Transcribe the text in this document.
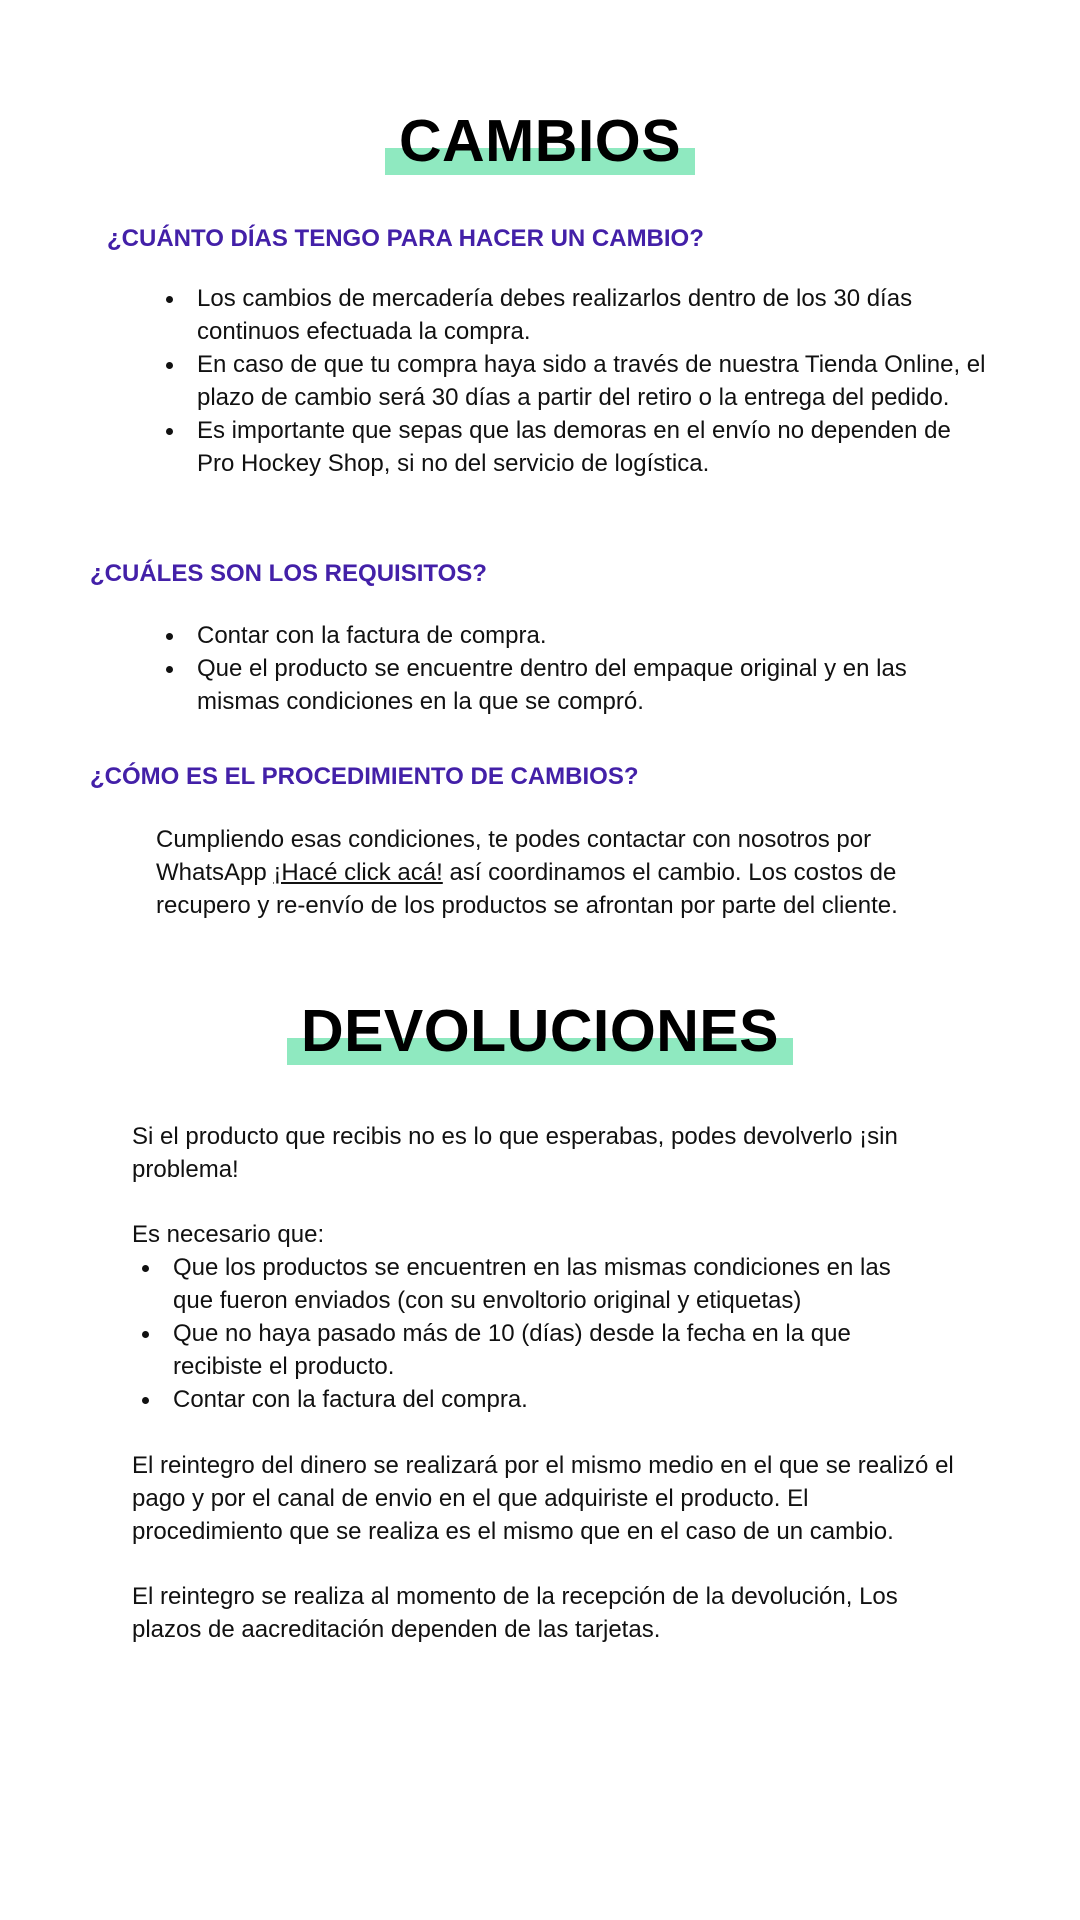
CAMBIOS
¿CUÁNTO DÍAS TENGO PARA HACER UN CAMBIO?
Los cambios de mercadería debes realizarlos dentro de los 30 días continuos efectuada la compra.
En caso de que tu compra haya sido a través de nuestra Tienda Online, el plazo de cambio será 30 días a partir del retiro o la entrega del pedido.
Es importante que sepas que las demoras en el envío no dependen de Pro Hockey Shop, si no del servicio de logística.
¿CUÁLES SON LOS REQUISITOS?
Contar con la factura de compra.
Que el producto se encuentre dentro del empaque original y en las mismas condiciones en la que se compró.
¿CÓMO ES EL PROCEDIMIENTO DE CAMBIOS?

Cumpliendo esas condiciones, te podes contactar con nosotros por WhatsApp ¡Hacé click acá! así coordinamos el cambio. Los costos de recupero y re-envío de los productos se afrontan por parte del cliente.

DEVOLUCIONES

Si el producto que recibis no es lo que esperabas, podes devolverlo ¡sin problema!

Es necesario que:

Que los productos se encuentren en las mismas condiciones en las que fueron enviados (con su envoltorio original y etiquetas)
Que no haya pasado más de 10 (días) desde la fecha en la que recibiste el producto.
Contar con la factura del compra.

El reintegro del dinero se realizará por el mismo medio en el que se realizó el pago y por el canal de envio en el que adquiriste el producto. El procedimiento que se realiza es el mismo que en el caso de un cambio.

El reintegro se realiza al momento de la recepción de la devolución, Los plazos de aacreditación dependen de las tarjetas.
